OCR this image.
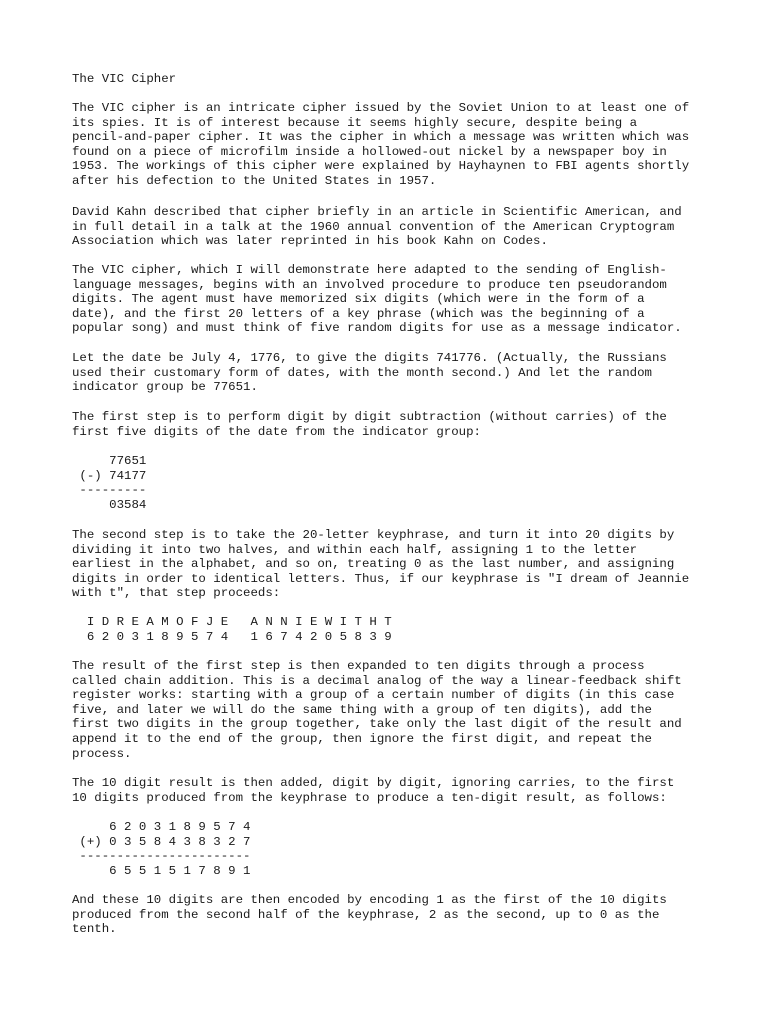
The VIC Cipher
The VIC cipher is an intricate cipher issued by the Soviet Union to at least one of
its spies. It is of interest because it seems highly secure, despite being a
pencil-and-paper cipher. It was the cipher in which a message was written which was
found on a piece of microfilm inside a hollowed-out nickel by a newspaper boy in
1953. The workings of this cipher were explained by Hayhaynen to FBI agents shortly
after his defection to the United States in 1957.
David Kahn described that cipher briefly in an article in Scientific American, and
in full detail in a talk at the 1960 annual convention of the American Cryptogram
Association which was later reprinted in his book Kahn on Codes.
The VIC cipher, which I will demonstrate here adapted to the sending of English-
language messages, begins with an involved procedure to produce ten pseudorandom
digits. The agent must have memorized six digits (which were in the form of a
date), and the first 20 letters of a key phrase (which was the beginning of a
popular song) and must think of five random digits for use as a message indicator.
Let the date be July 4, 1776, to give the digits 741776. (Actually, the Russians
used their customary form of dates, with the month second.) And let the random
indicator group be 77651.
The first step is to perform digit by digit subtraction (without carries) of the
first five digits of the date from the indicator group:
77651
(-) 74177
---------
03584
The second step is to take the 20-letter keyphrase, and turn it into 20 digits by
dividing it into two halves, and within each half, assigning 1 to the letter
earliest in the alphabet, and so on, treating 0 as the last number, and assigning
digits in order to identical letters. Thus, if our keyphrase is "I dream of Jeannie
with t", that step proceeds:
I D R E A M O F J E   A N N I E W I T H T
6 2 0 3 1 8 9 5 7 4   1 6 7 4 2 0 5 8 3 9
The result of the first step is then expanded to ten digits through a process
called chain addition. This is a decimal analog of the way a linear-feedback shift
register works: starting with a group of a certain number of digits (in this case
five, and later we will do the same thing with a group of ten digits), add the
first two digits in the group together, take only the last digit of the result and
append it to the end of the group, then ignore the first digit, and repeat the
process.
The 10 digit result is then added, digit by digit, ignoring carries, to the first
10 digits produced from the keyphrase to produce a ten-digit result, as follows:
6 2 0 3 1 8 9 5 7 4
(+) 0 3 5 8 4 3 8 3 2 7
-----------------------
6 5 5 1 5 1 7 8 9 1
And these 10 digits are then encoded by encoding 1 as the first of the 10 digits
produced from the second half of the keyphrase, 2 as the second, up to 0 as the
tenth.
